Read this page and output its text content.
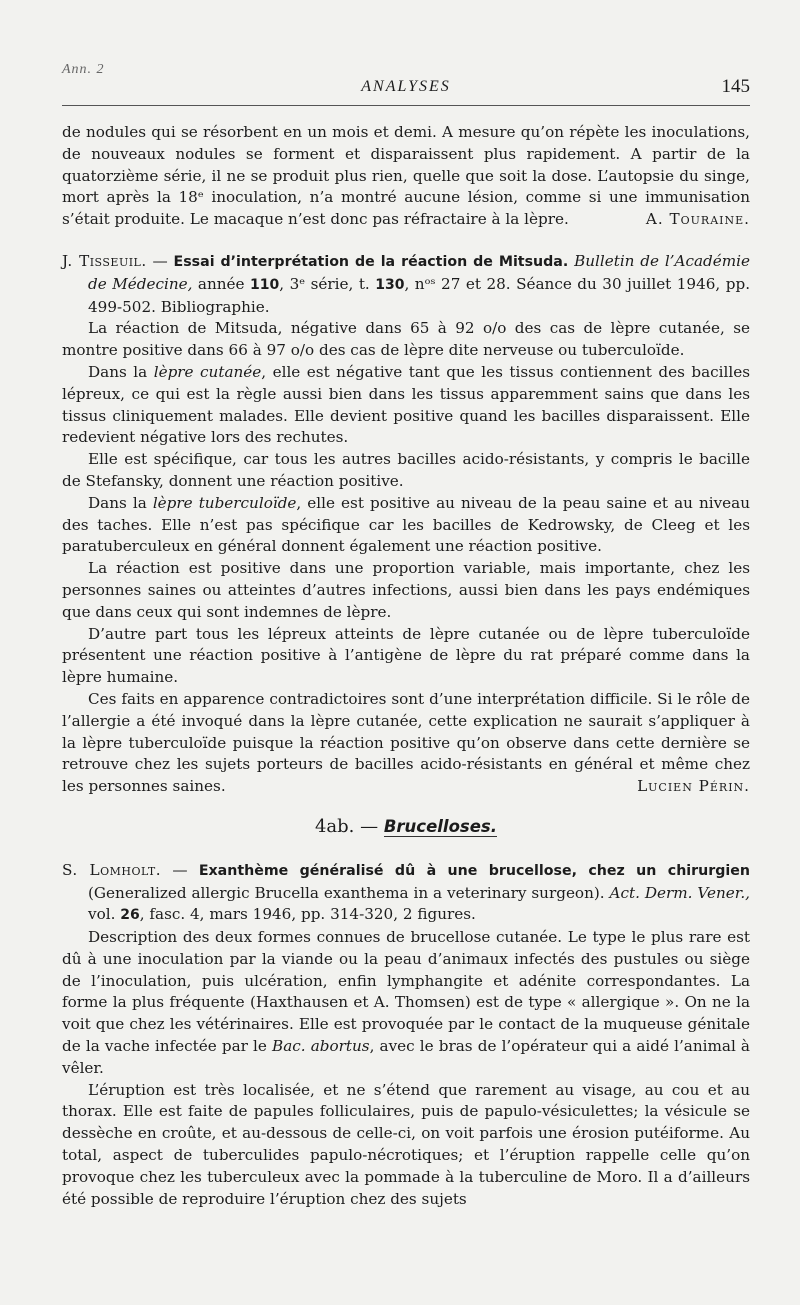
Ann. 2
ANALYSES	145

de nodules qui se résorbent en un mois et demi. A mesure qu’on répète les inoculations, de nouveaux nodules se forment et disparaissent plus rapidement. A partir de la quatorzième série, il ne se produit plus rien, quelle que soit la dose. L’autopsie du singe, mort après la 18ᵉ inoculation, n’a montré aucune lésion, comme si une immunisation s’était produite. Le macaque n’est donc pas réfractaire à la lèpre.	A. Touraine.

J. Tisseuil. — Essai d’interprétation de la réaction de Mitsuda. Bulletin de l’Académie de Médecine, année 110, 3ᵉ série, t. 130, nᵒˢ 27 et 28. Séance du 30 juillet 1946, pp. 499-502. Bibliographie.

La réaction de Mitsuda, négative dans 65 à 92 o/o des cas de lèpre cutanée, se montre positive dans 66 à 97 o/o des cas de lèpre dite nerveuse ou tuberculoïde.

Dans la lèpre cutanée, elle est négative tant que les tissus contiennent des bacilles lépreux, ce qui est la règle aussi bien dans les tissus apparemment sains que dans les tissus cliniquement malades. Elle devient positive quand les bacilles disparaissent. Elle redevient négative lors des rechutes.

Elle est spécifique, car tous les autres bacilles acido-résistants, y compris le bacille de Stefansky, donnent une réaction positive.

Dans la lèpre tuberculoïde, elle est positive au niveau de la peau saine et au niveau des taches. Elle n’est pas spécifique car les bacilles de Kedrowsky, de Cleeg et les paratuberculeux en général donnent également une réaction positive.

La réaction est positive dans une proportion variable, mais importante, chez les personnes saines ou atteintes d’autres infections, aussi bien dans les pays endémiques que dans ceux qui sont indemnes de lèpre.

D’autre part tous les lépreux atteints de lèpre cutanée ou de lèpre tuberculoïde présentent une réaction positive à l’antigène de lèpre du rat préparé comme dans la lèpre humaine.

Ces faits en apparence contradictoires sont d’une interprétation difficile. Si le rôle de l’allergie a été invoqué dans la lèpre cutanée, cette explication ne saurait s’appliquer à la lèpre tuberculoïde puisque la réaction positive qu’on observe dans cette dernière se retrouve chez les sujets porteurs de bacilles acido-résistants en général et même chez les personnes saines.	Lucien Périn.

4ab. — Brucelloses.

S. Lomholt. — Exanthème généralisé dû à une brucellose, chez un chirurgien (Generalized allergic Brucella exanthema in a veterinary surgeon). Act. Derm. Vener., vol. 26, fasc. 4, mars 1946, pp. 314-320, 2 figures.

Description des deux formes connues de brucellose cutanée. Le type le plus rare est dû à une inoculation par la viande ou la peau d’animaux infectés des pustules ou siège de l’inoculation, puis ulcération, enfin lymphangite et adénite correspondantes. La forme la plus fréquente (Haxthausen et A. Thomsen) est de type « allergique ». On ne la voit que chez les vétérinaires. Elle est provoquée par le contact de la muqueuse génitale de la vache infectée par le Bac. abortus, avec le bras de l’opérateur qui a aidé l’animal à vêler.

L’éruption est très localisée, et ne s’étend que rarement au visage, au cou et au thorax. Elle est faite de papules folliculaires, puis de papulo-vésiculettes; la vésicule se dessèche en croûte, et au-dessous de celle-ci, on voit parfois une érosion putéiforme. Au total, aspect de tuberculides papulo-nécrotiques; et l’éruption rappelle celle qu’on provoque chez les tuberculeux avec la pommade à la tuberculine de Moro. Il a d’ailleurs été possible de reproduire l’éruption chez des sujets
